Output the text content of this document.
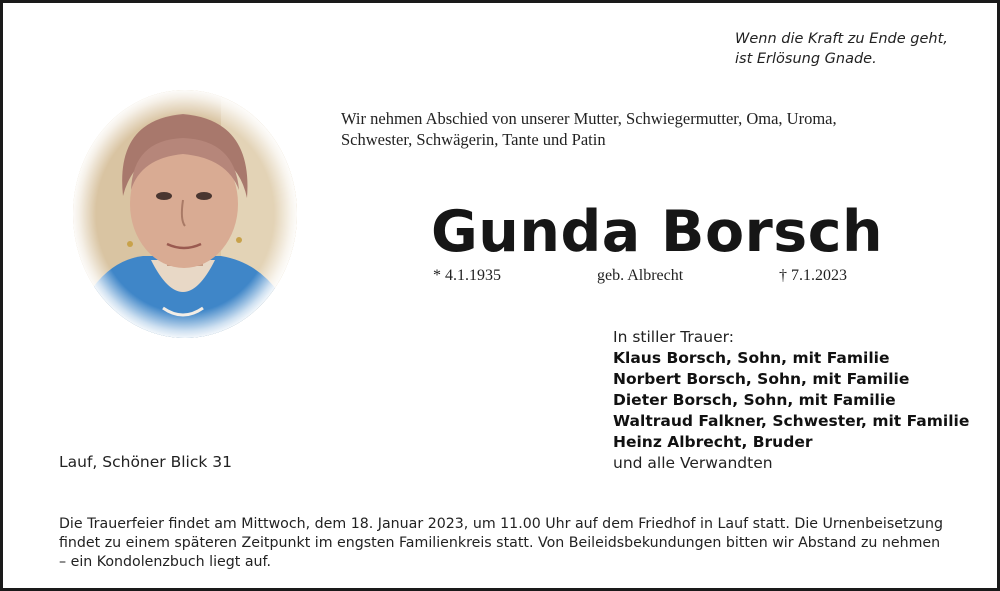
Wenn die Kraft zu Ende geht,
ist Erlösung Gnade.
Wir nehmen Abschied von unserer Mutter, Schwiegermutter, Oma, Uroma,
Schwester, Schwägerin, Tante und Patin
Gunda Borsch
* 4.1.1935	geb. Albrecht	† 7.1.2023
In stiller Trauer:
Klaus Borsch, Sohn, mit Familie
Norbert Borsch, Sohn, mit Familie
Dieter Borsch, Sohn, mit Familie
Waltraud Falkner, Schwester, mit Familie
Heinz Albrecht, Bruder
und alle Verwandten
Lauf, Schöner Blick 31
Die Trauerfeier findet am Mittwoch, dem 18. Januar 2023, um 11.00 Uhr auf dem Friedhof in Lauf statt. Die Urnenbeisetzung
findet zu einem späteren Zeitpunkt im engsten Familienkreis statt. Von Beileidsbekundungen bitten wir Abstand zu nehmen
– ein Kondolenzbuch liegt auf.
